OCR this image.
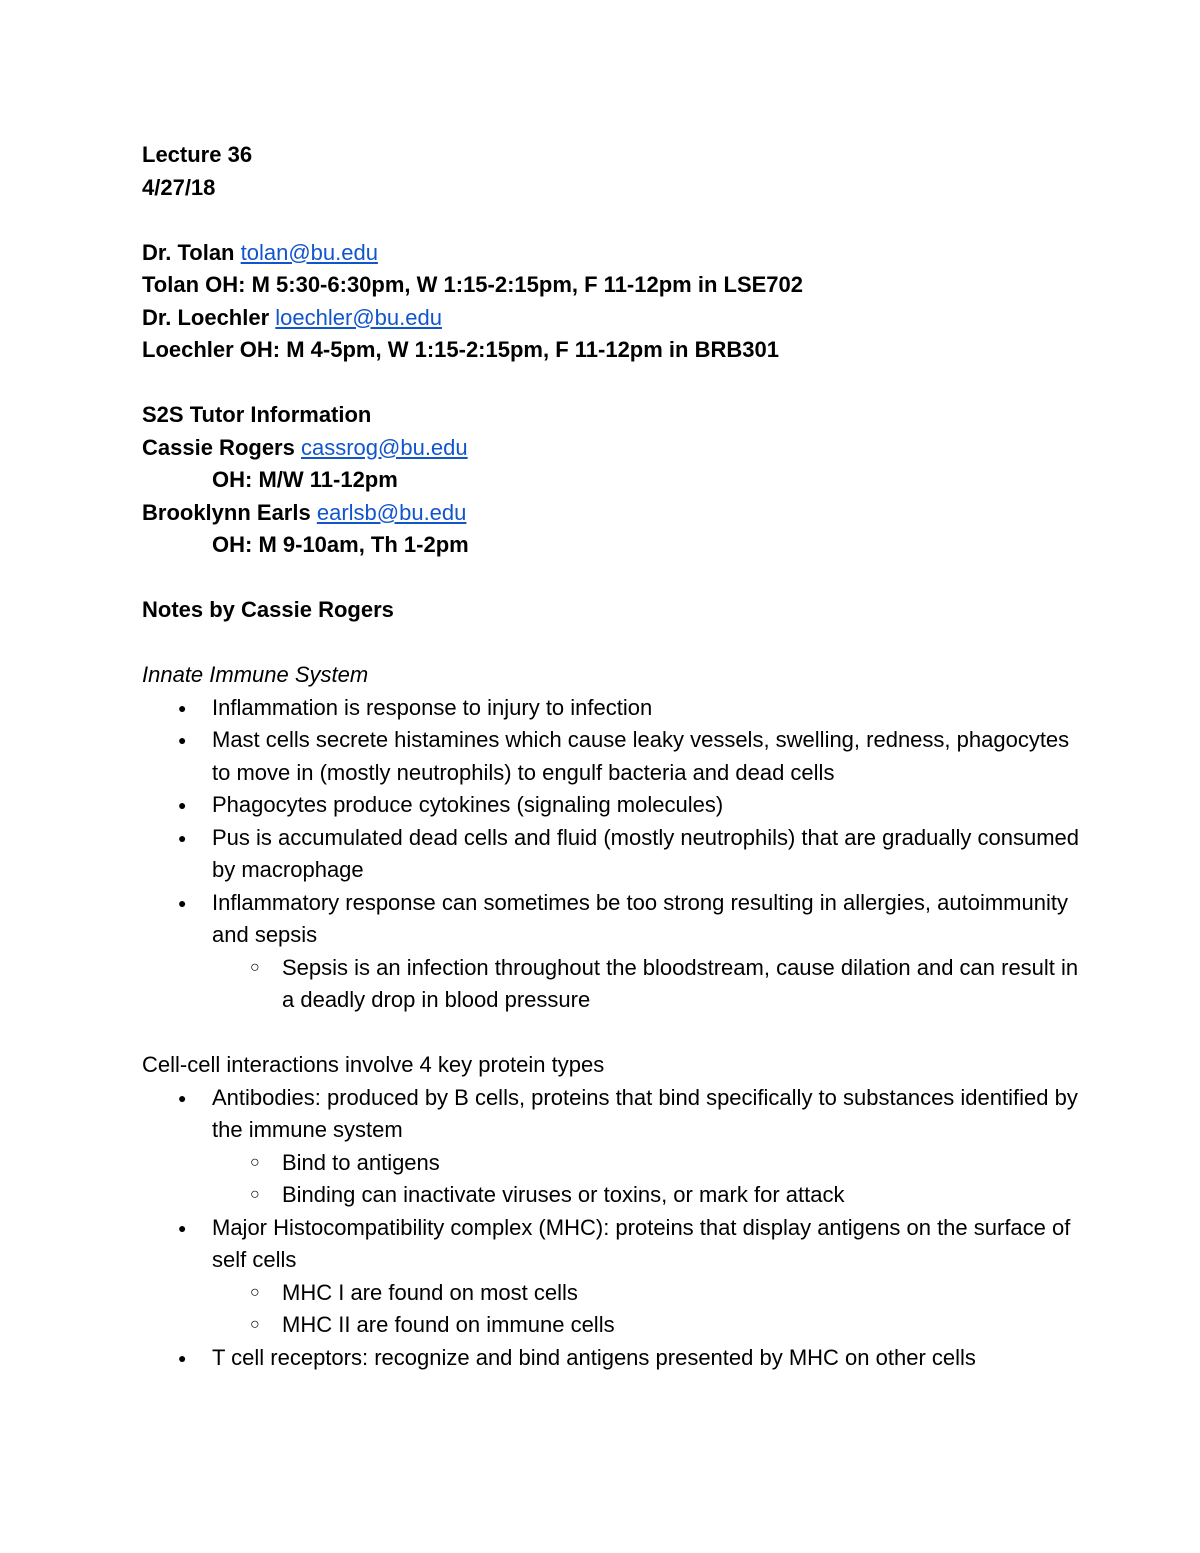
Lecture 36
4/27/18
Dr. Tolan tolan@bu.edu
Tolan OH: M 5:30-6:30pm, W 1:15-2:15pm, F 11-12pm in LSE702
Dr. Loechler loechler@bu.edu
Loechler OH: M 4-5pm, W 1:15-2:15pm, F 11-12pm in BRB301
S2S Tutor Information
Cassie Rogers cassrog@bu.edu
OH: M/W 11-12pm
Brooklynn Earls earlsb@bu.edu
OH: M 9-10am, Th 1-2pm
Notes by Cassie Rogers
Innate Immune System
● Inflammation is response to injury to infection
● Mast cells secrete histamines which cause leaky vessels, swelling, redness, phagocytes to move in (mostly neutrophils) to engulf bacteria and dead cells
● Phagocytes produce cytokines (signaling molecules)
● Pus is accumulated dead cells and fluid (mostly neutrophils) that are gradually consumed by macrophage
● Inflammatory response can sometimes be too strong resulting in allergies, autoimmunity and sepsis
○ Sepsis is an infection throughout the bloodstream, cause dilation and can result in a deadly drop in blood pressure
Cell-cell interactions involve 4 key protein types
● Antibodies: produced by B cells, proteins that bind specifically to substances identified by the immune system
○ Bind to antigens
○ Binding can inactivate viruses or toxins, or mark for attack
● Major Histocompatibility complex (MHC): proteins that display antigens on the surface of self cells
○ MHC I are found on most cells
○ MHC II are found on immune cells
● T cell receptors: recognize and bind antigens presented by MHC on other cells
